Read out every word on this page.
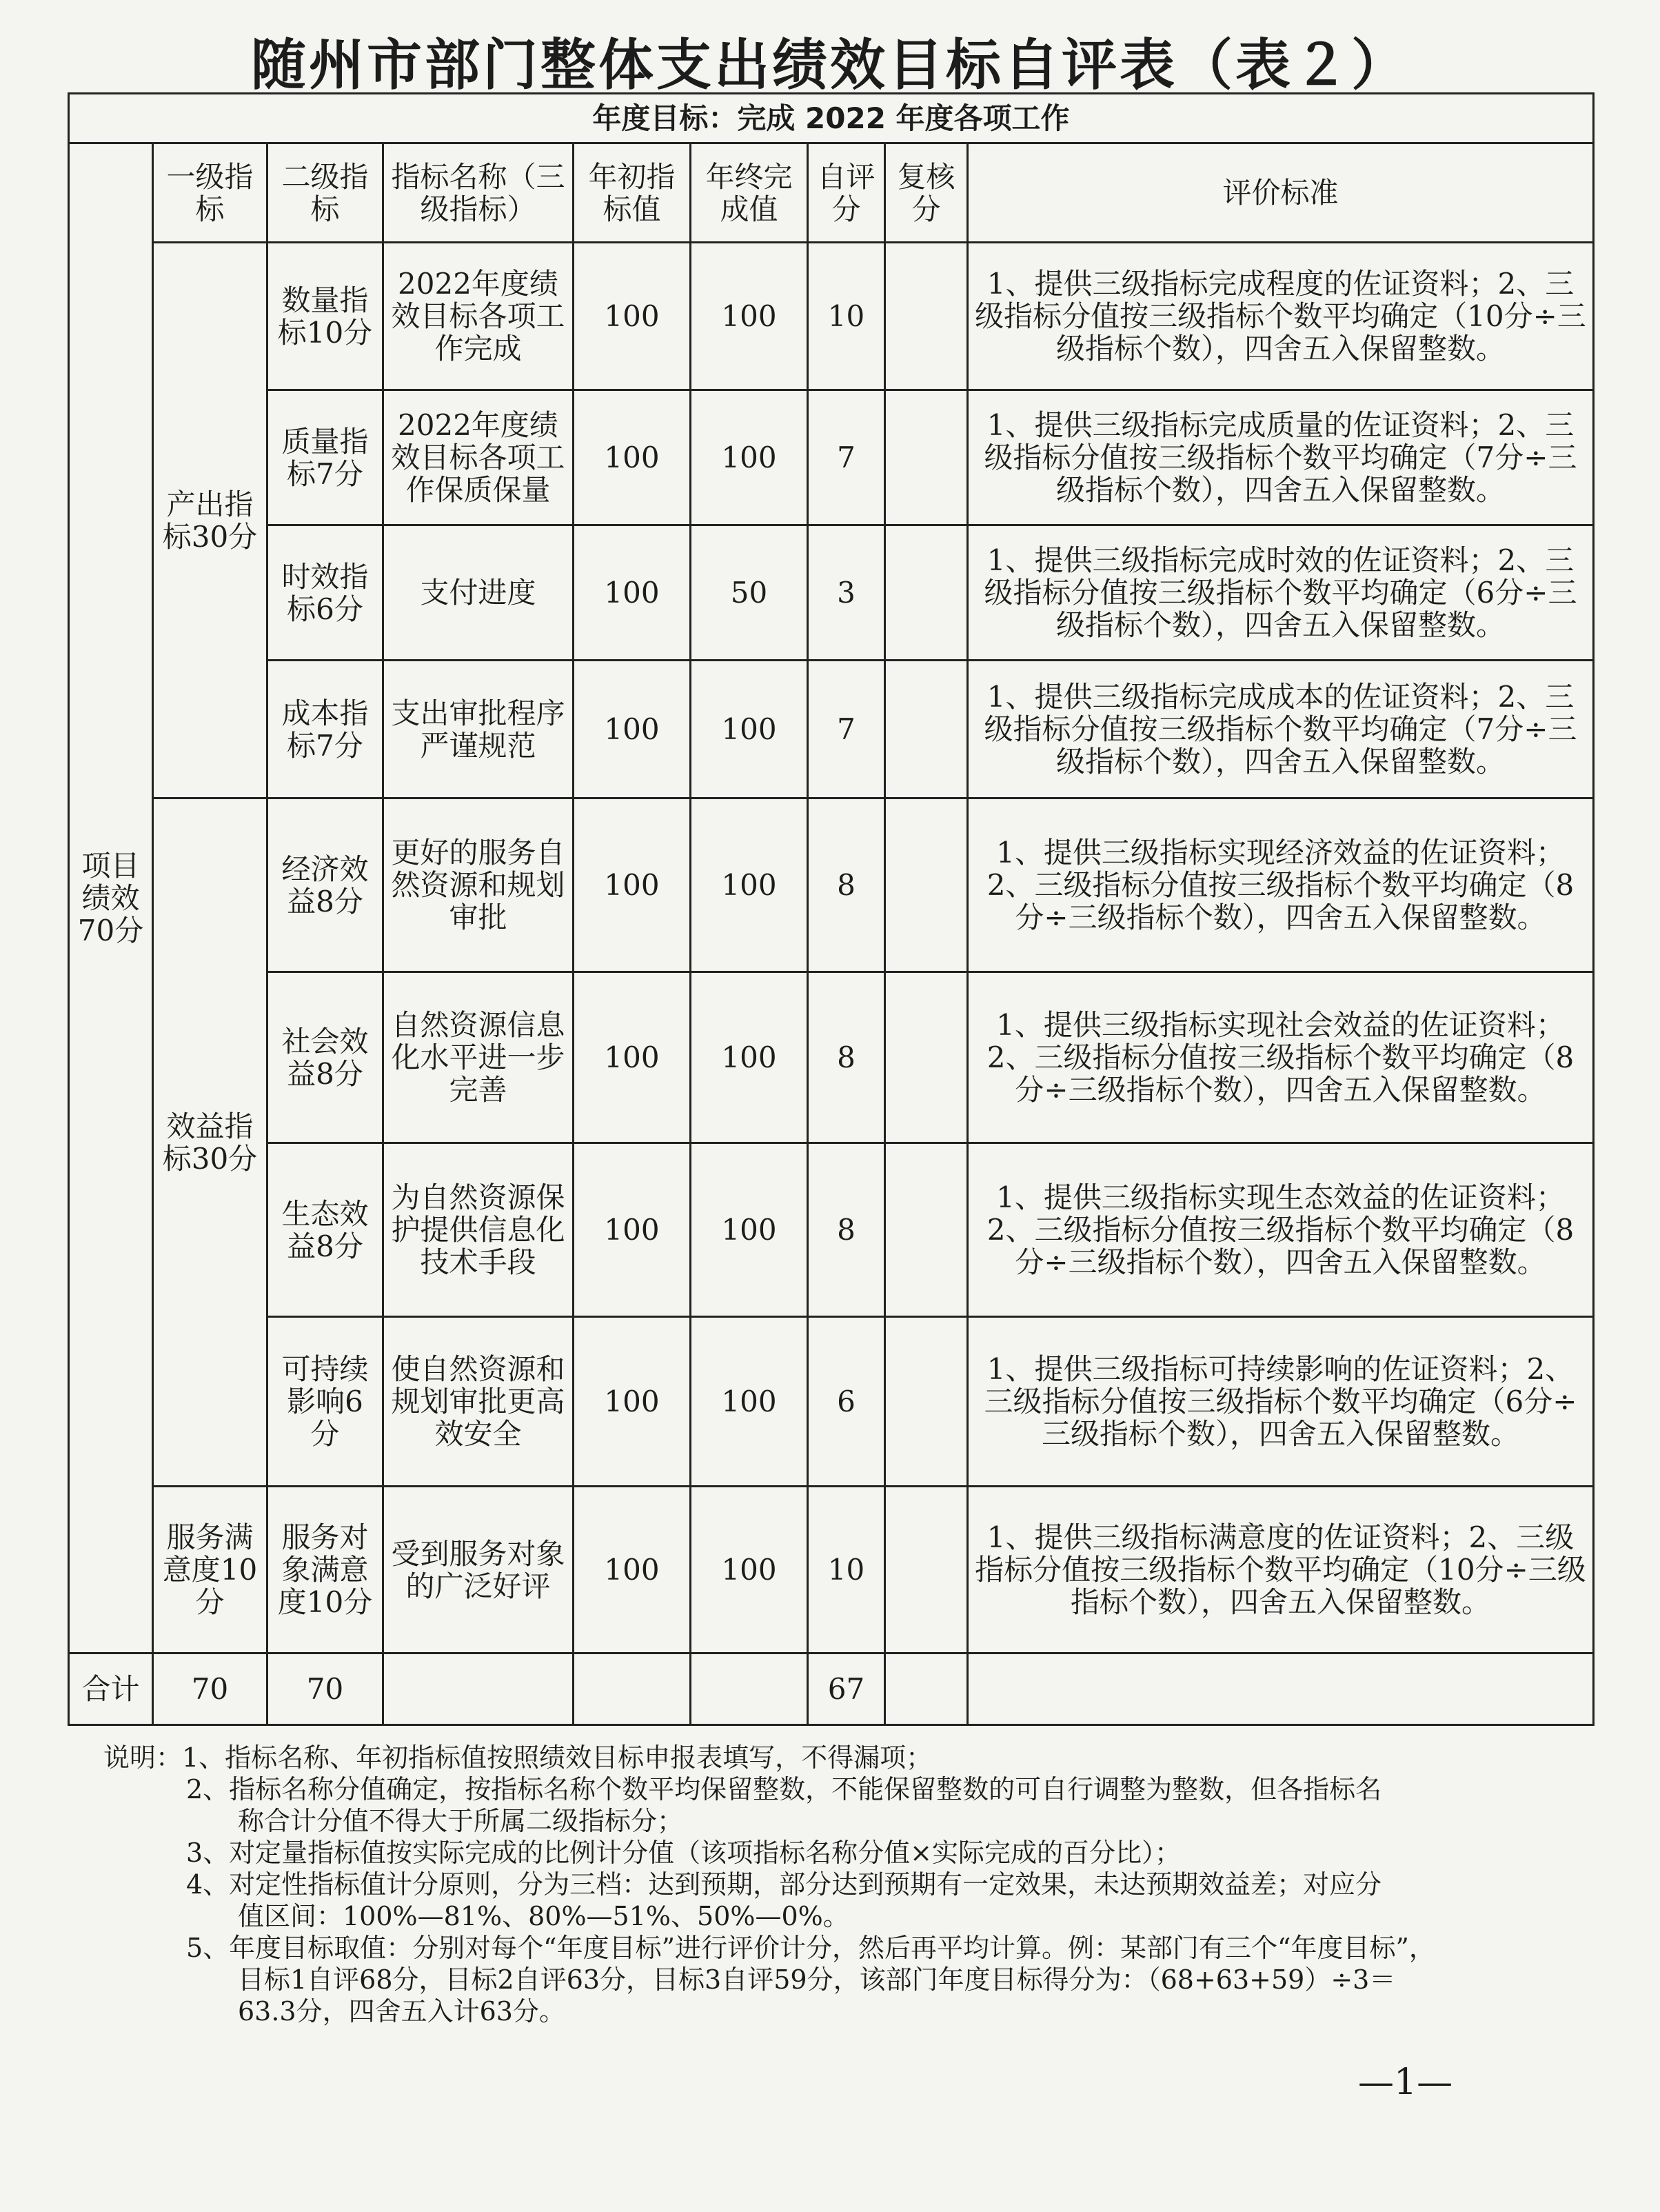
随州市部门整体支出绩效目标自评表（表２）
年度目标：完成 2022 年度各项工作								
项目绩效70分	一级指标	二级指标	指标名称（三级指标）	年初指标值	年终完成值	自评分	复核分	评价标准
	产出指标30分	数量指标10分	2022年度绩效目标各项工作完成	100	100	10		1、提供三级指标完成程度的佐证资料；2、三级指标分值按三级指标个数平均确定（10分÷三级指标个数），四舍五入保留整数。
		质量指标7分	2022年度绩效目标各项工作保质保量	100	100	7		1、提供三级指标完成质量的佐证资料；2、三级指标分值按三级指标个数平均确定（7分÷三级指标个数），四舍五入保留整数。
		时效指标6分	支付进度	100	50	3		1、提供三级指标完成时效的佐证资料；2、三级指标分值按三级指标个数平均确定（6分÷三级指标个数），四舍五入保留整数。
		成本指标7分	支出审批程序严谨规范	100	100	7		1、提供三级指标完成成本的佐证资料；2、三级指标分值按三级指标个数平均确定（7分÷三级指标个数），四舍五入保留整数。
	效益指标30分	经济效益8分	更好的服务自然资源和规划审批	100	100	8		1、提供三级指标实现经济效益的佐证资料；2、三级指标分值按三级指标个数平均确定（8分÷三级指标个数），四舍五入保留整数。
		社会效益8分	自然资源信息化水平进一步完善	100	100	8		1、提供三级指标实现社会效益的佐证资料；2、三级指标分值按三级指标个数平均确定（8分÷三级指标个数），四舍五入保留整数。
		生态效益8分	为自然资源保护提供信息化技术手段	100	100	8		1、提供三级指标实现生态效益的佐证资料；2、三级指标分值按三级指标个数平均确定（8分÷三级指标个数），四舍五入保留整数。
		可持续影响6分	使自然资源和规划审批更高效安全	100	100	6		1、提供三级指标可持续影响的佐证资料；2、三级指标分值按三级指标个数平均确定（6分÷三级指标个数），四舍五入保留整数。
	服务满意度10分	服务对象满意度10分	受到服务对象的广泛好评	100	100	10		1、提供三级指标满意度的佐证资料；2、三级指标分值按三级指标个数平均确定（10分÷三级指标个数），四舍五入保留整数。
合计	70	70				67		
说明：1、指标名称、年初指标值按照绩效目标申报表填写，不得漏项；
2、指标名称分值确定，按指标名称个数平均保留整数，不能保留整数的可自行调整为整数，但各指标名
称合计分值不得大于所属二级指标分；
3、对定量指标值按实际完成的比例计分值（该项指标名称分值×实际完成的百分比）；
4、对定性指标值计分原则，分为三档：达到预期，部分达到预期有一定效果，未达预期效益差；对应分
值区间：100%—81%、80%—51%、50%—0%。
5、年度目标取值：分别对每个“年度目标”进行评价计分，然后再平均计算。例：某部门有三个“年度目标”，
目标1自评68分，目标2自评63分，目标3自评59分，该部门年度目标得分为：（68+63+59）÷3＝
63.3分，四舍五入计63分。
—1—
